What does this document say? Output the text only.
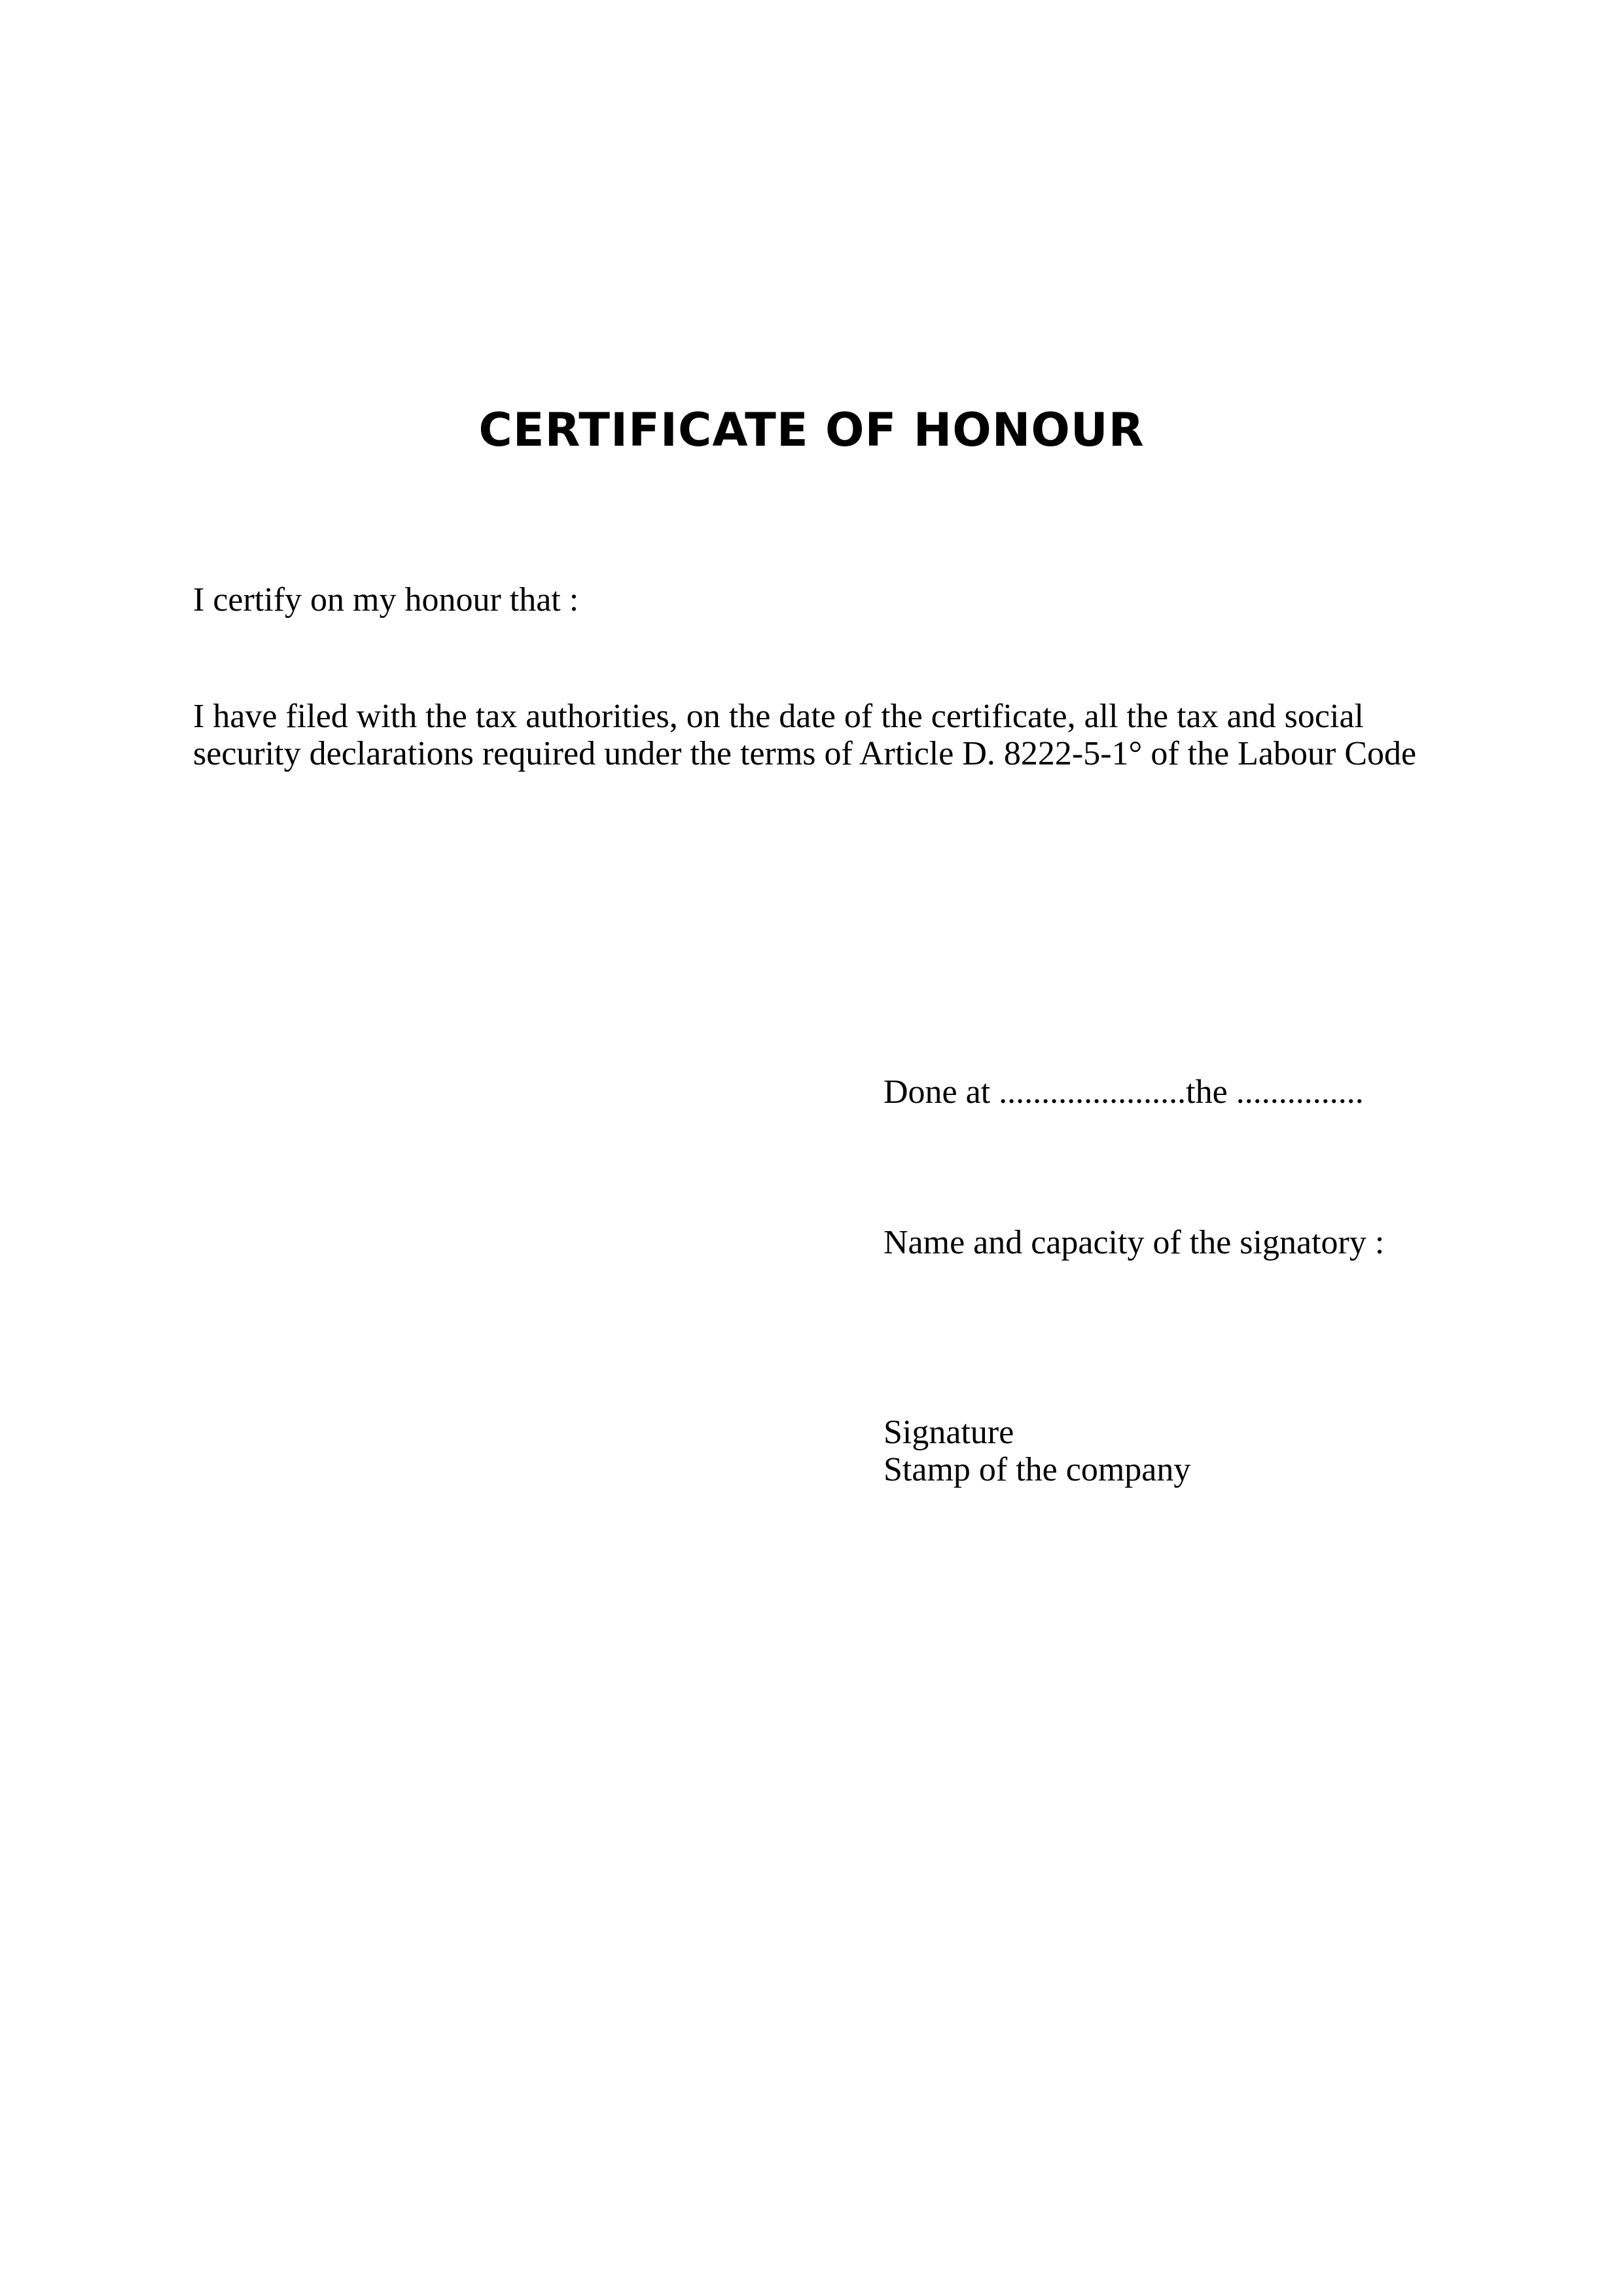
CERTIFICATE OF HONOUR
I certify on my honour that :
I have filed with the tax authorities, on the date of the certificate, all the tax and social
security declarations required under the terms of Article D. 8222-5-1° of the Labour Code
Done at ......................the ...............
Name and capacity of the signatory :
Signature
Stamp of the company
